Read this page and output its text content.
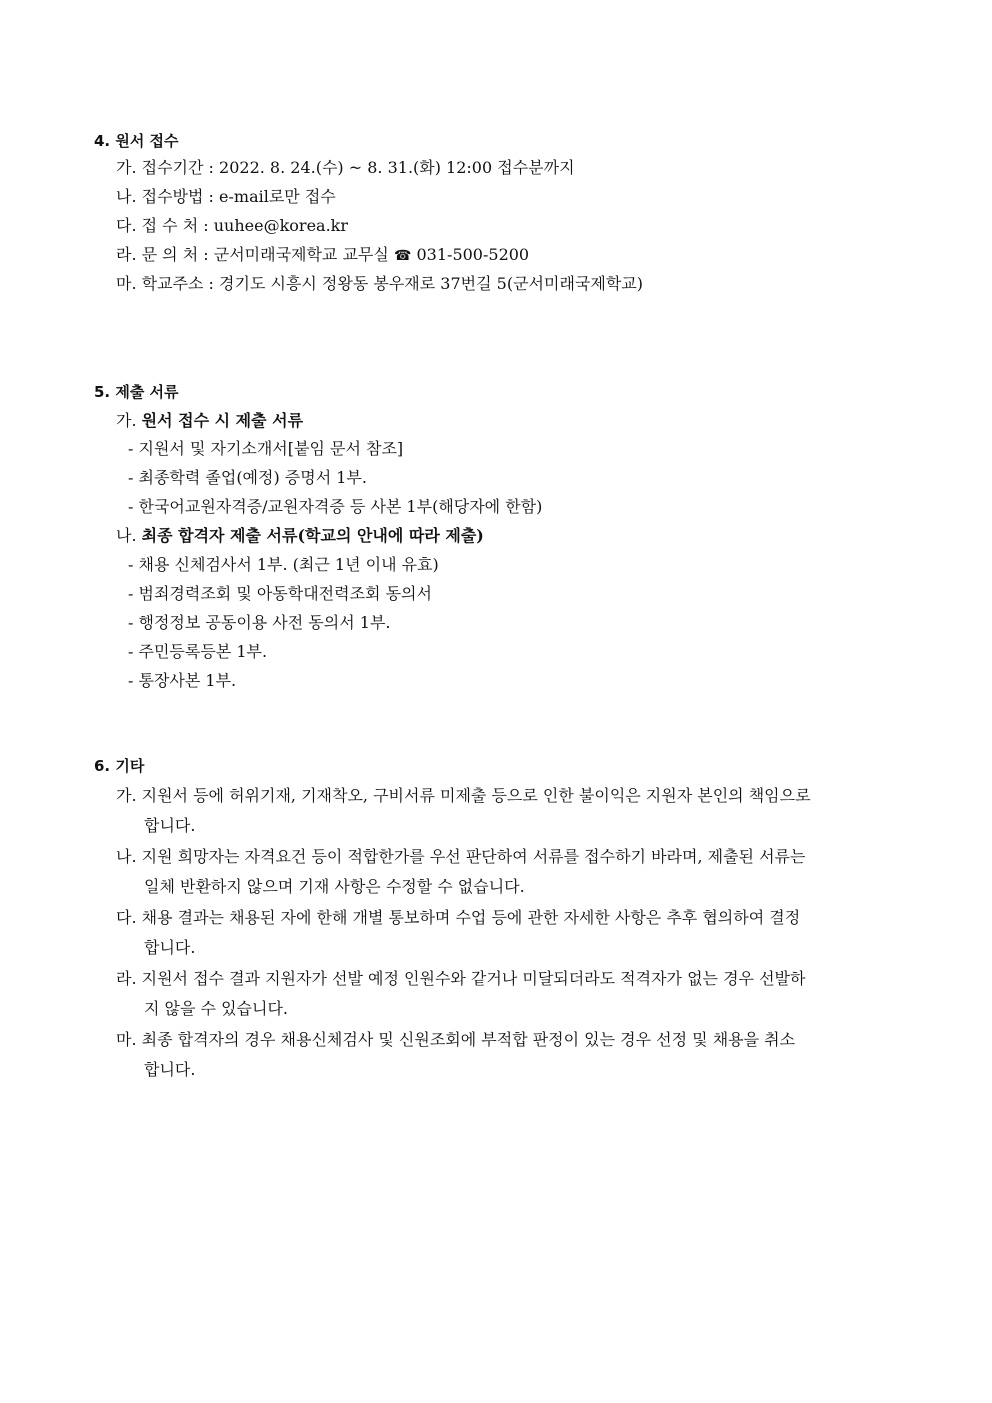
4. 원서 접수

가. 접수기간 : 2022. 8. 24.(수) ~ 8. 31.(화) 12:00 접수분까지

나. 접수방법 : e-mail로만 접수

다. 접 수 처 : uuhee@korea.kr

라. 문 의 처 : 군서미래국제학교 교무실 ☎ 031-500-5200

마. 학교주소 : 경기도 시흥시 정왕동 봉우재로 37번길 5(군서미래국제학교)

5. 제출 서류

가. 원서 접수 시 제출 서류

- 지원서 및 자기소개서[붙임 문서 참조]

- 최종학력 졸업(예정) 증명서 1부.

- 한국어교원자격증/교원자격증 등 사본 1부(해당자에 한함)

나. 최종 합격자 제출 서류(학교의 안내에 따라 제출)

- 채용 신체검사서 1부. (최근 1년 이내 유효)

- 범죄경력조회 및 아동학대전력조회 동의서

- 행정정보 공동이용 사전 동의서 1부.

- 주민등록등본 1부.

- 통장사본 1부.

6. 기타

가. 지원서 등에 허위기재, 기재착오, 구비서류 미제출 등으로 인한 불이익은 지원자 본인의 책임으로

합니다.

나. 지원 희망자는 자격요건 등이 적합한가를 우선 판단하여 서류를 접수하기 바라며, 제출된 서류는

일체 반환하지 않으며 기재 사항은 수정할 수 없습니다.

다. 채용 결과는 채용된 자에 한해 개별 통보하며 수업 등에 관한 자세한 사항은 추후 협의하여 결정

합니다.

라. 지원서 접수 결과 지원자가 선발 예정 인원수와 같거나 미달되더라도 적격자가 없는 경우 선발하

지 않을 수 있습니다.

마. 최종 합격자의 경우 채용신체검사 및 신원조회에 부적합 판정이 있는 경우 선정 및 채용을 취소

합니다.
